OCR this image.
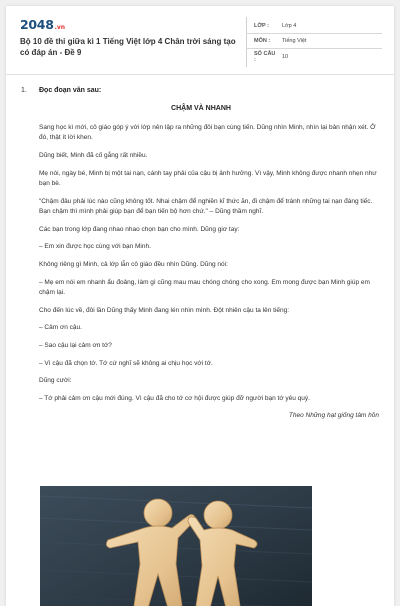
2048 .vn
Bộ 10 đề thi giữa kì 1 Tiếng Việt lớp 4 Chân trời sáng tạo có đáp án - Đề 9
LỚP :	Lớp 4
MÔN :	Tiếng Việt
SỐ CÂU :	10
1. Đọc đoạn văn sau:
CHẬM VÀ NHANH

Sang học kì mới, cô giáo góp ý với lớp nên lập ra những đôi bạn cùng tiến. Dũng nhìn Minh, nhìn lại bản nhận xét. Ở đó, thật ít lời khen.

Dũng biết, Minh đã cố gắng rất nhiều.

Mẹ nói, ngày bé, Minh bị một tai nạn, cánh tay phải của cậu bị ảnh hưởng. Vì vậy, Minh không được nhanh nhẹn như bạn bè.

"Chậm đâu phải lúc nào cũng không tốt. Nhai chậm để nghiền kĩ thức ăn, đi chậm để tránh những tai nạn đáng tiếc. Bạn chậm thì mình phải giúp bạn để bạn tiến bộ hơn chứ." – Dũng thầm nghĩ.

Các bạn trong lớp đang nhao nhao chọn bạn cho mình. Dũng giơ tay:

– Em xin được học cùng với bạn Minh.

Không riêng gì Minh, cả lớp lẫn cô giáo đều nhìn Dũng. Dũng nói:

– Mẹ em nói em nhanh ẩu đoảng, làm gì cũng mau mau chóng chóng cho xong. Em mong được bạn Minh giúp em chậm lại.

Cho đến lúc về, đôi lần Dũng thấy Minh đang lén nhìn mình. Đột nhiên cậu ta lên tiếng:

– Cảm ơn cậu.

– Sao cậu lại cảm ơn tớ?

– Vì cậu đã chọn tớ. Tớ cứ nghĩ sẽ không ai chịu học với tớ.

Dũng cười:

– Tớ phải cảm ơn cậu mới đúng. Vì cậu đã cho tớ cơ hội được giúp đỡ người bạn tớ yêu quý.

Theo Những hạt giống tâm hồn
